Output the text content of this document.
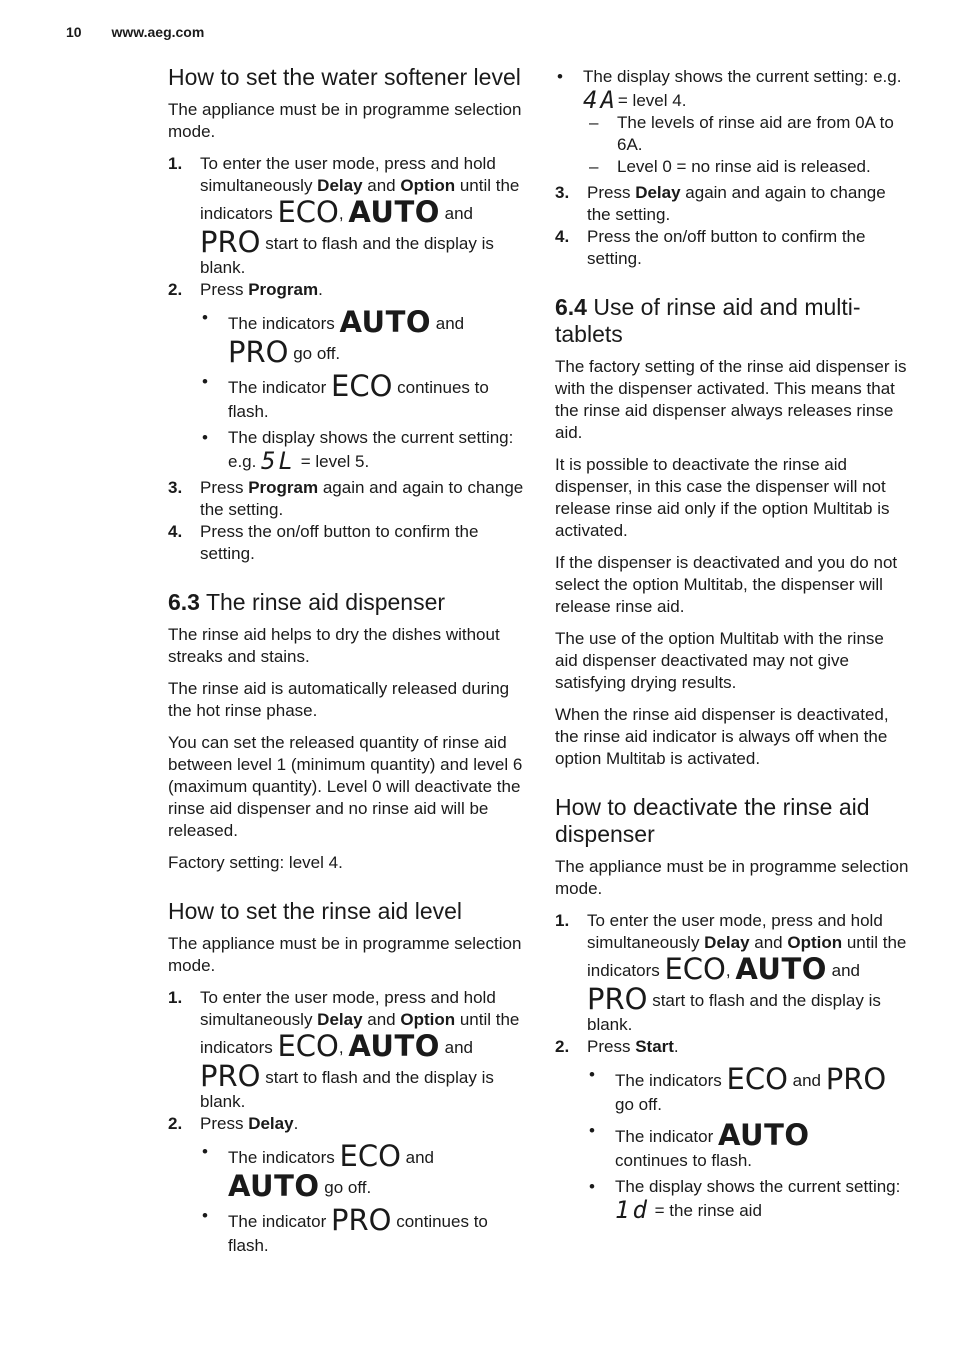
10 www.aeg.com
How to set the water softener level

The appliance must be in programme selection mode.

1. To enter the user mode, press and hold simultaneously Delay and Option until the indicators ECO, AUTO and PRO start to flash and the display is blank.
2. Press Program.
• The indicators AUTO and
PRO go off.
• The indicator ECO continues to flash.
• The display shows the current setting: e.g. 5L = level 5.
3. Press Program again and again to change the setting.
4. Press the on/off button to confirm the setting.
6.3 The rinse aid dispenser

The rinse aid helps to dry the dishes without streaks and stains.

The rinse aid is automatically released during the hot rinse phase.

You can set the released quantity of rinse aid between level 1 (minimum quantity) and level 6 (maximum quantity). Level 0 will deactivate the rinse aid dispenser and no rinse aid will be released.

Factory setting: level 4.

How to set the rinse aid level

The appliance must be in programme selection mode.

1. To enter the user mode, press and hold simultaneously Delay and Option until the indicators ECO, AUTO and PRO start to flash and the display is blank.
2. Press Delay.
• The indicators ECO and
AUTO go off.
• The indicator PRO continues to flash.
• The display shows the current setting: e.g. 4A= level 4.
– The levels of rinse aid are from 0A to 6A.
– Level 0 = no rinse aid is released.
3. Press Delay again and again to change the setting.
4. Press the on/off button to confirm the setting.
6.4 Use of rinse aid and multi-tablets

The factory setting of the rinse aid dispenser is with the dispenser activated. This means that the rinse aid dispenser always releases rinse aid.

It is possible to deactivate the rinse aid dispenser, in this case the dispenser will not release rinse aid only if the option Multitab is activated.

If the dispenser is deactivated and you do not select the option Multitab, the dispenser will release rinse aid.

The use of the option Multitab with the rinse aid dispenser deactivated may not give satisfying drying results.

When the rinse aid dispenser is deactivated, the rinse aid indicator is always off when the option Multitab is activated.

How to deactivate the rinse aid dispenser

The appliance must be in programme selection mode.

1. To enter the user mode, press and hold simultaneously Delay and Option until the indicators ECO, AUTO and PRO start to flash and the display is blank.
2. Press Start.
• The indicators ECO and PRO
go off.
• The indicator AUTO
continues to flash.
• The display shows the current setting: 1d = the rinse aid
